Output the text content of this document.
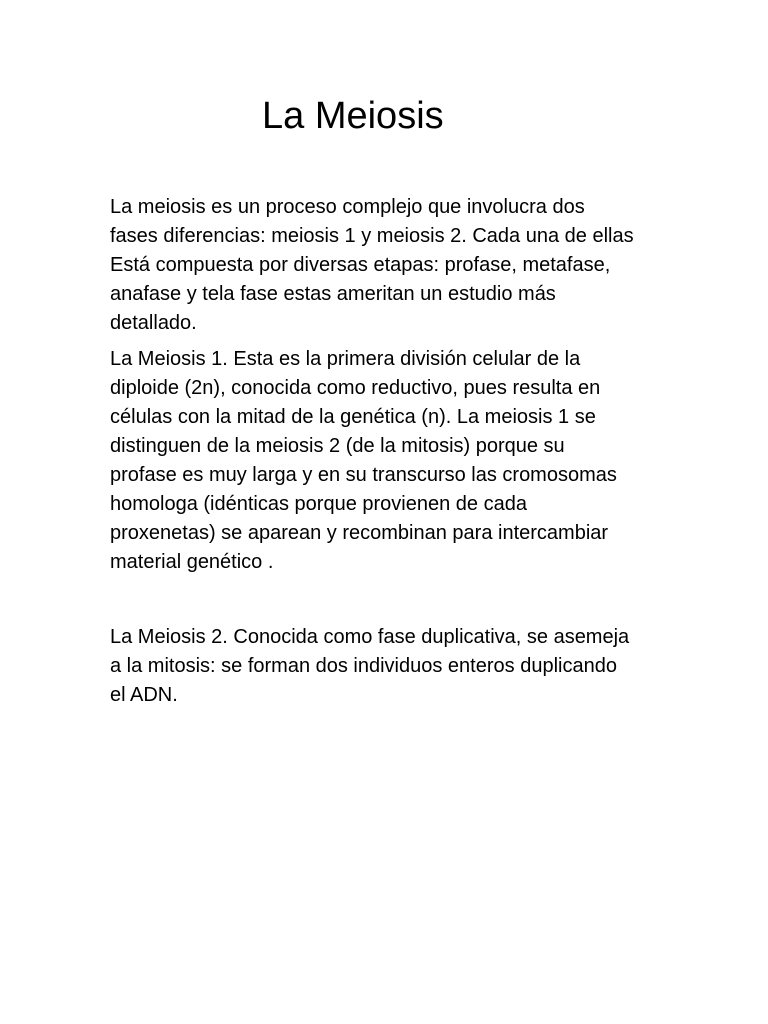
La Meiosis

La meiosis es un proceso complejo que involucra dos
fases diferencias: meiosis 1 y meiosis 2. Cada una de ellas
Está compuesta por diversas etapas: profase, metafase,
anafase y tela fase estas ameritan un estudio más
detallado.

La Meiosis 1. Esta es la primera división celular de la
diploide (2n), conocida como reductivo, pues resulta en
células con la mitad de la genética (n). La meiosis 1 se
distinguen de la meiosis 2 (de la mitosis) porque su
profase es muy larga y en su transcurso las cromosomas
homologa (idénticas porque provienen de cada
proxenetas) se aparean y recombinan para intercambiar
material genético .

La Meiosis 2. Conocida como fase duplicativa, se asemeja
a la mitosis: se forman dos individuos enteros duplicando
el ADN.
